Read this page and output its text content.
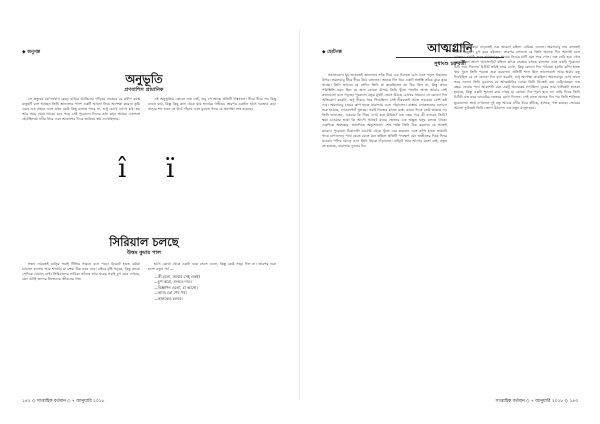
◆ অনুগল্প
অনুভূতি
প্রণবাশিস প্রামানিক

সে প্রত্যুষে যোগাযোগ ছেড়ে বাড়ির আঙিনায় দাঁড়িয়ে ভেতরে যে প্রবীণ বয়স্ক মানুষটি বসে আছেন তিনি জানালার পাশে একটি আলো নিয়ে অপেক্ষা করেন। তুমি এমন এক প্রহরে এলে যখন কেউ কিছু বলতে পারে না, শুধু চোখে চোখে কথা হয় আর সময় থেমে থাকে। মনে পড়ে সেই পুরোনো দিনের কথা যখন আমরা একসঙ্গে হেঁটেছিলাম নদীর ধারে এবং আকাশের দিকে তাকিয়ে স্বপ্ন দেখেছিলাম।

এই অনুভূতির কোনো নাম নেই, তবু সে আছে প্রতিটি নিঃশ্বাসে। ধীরে ধীরে সব কিছু বদলে যায়, কিন্তু কিছু কথা থেকে যায় হৃদয়ের গভীরে। তারপর একদিন হঠাৎ দরজায় কড়া নাড়ার শব্দ শুনে সে উঠে দাঁড়ায় এবং বুঝতে পারে যে অপেক্ষা শেষ হয়েছে।

î ï
সিরিয়াল চলছে
উত্তম কুমার পাল

সন্ধ্যা নামতেই বাড়ির সবাই টিভির সামনে বসে পড়ে। রিমোট হাতে বউমা চ্যানেল বদলায় আর শাশুড়ি মা চশমা ঠিক করে নেন। বাইরে বৃষ্টি পড়ছে, কিন্তু কারো সেদিকে খেয়াল নেই। সিরিয়ালের নায়িকা কাঁদছে আর ঘরের সবাই চুপ করে দেখছে, যেন এটাই তাদের নিজেদের জীবনের গল্প।

হঠাৎ কোথা থেকে একটা ডাক ভেসে এলো, কিন্তু কেউ সাড়া দিল না। তারপর শুরু হলো নতুন পর্ব —

—কী হলো, আবার সেই একই?
—চুপ করো, শুনতে দাও।
—বিজ্ঞাপন এলো, চা আনো।
—আজ তো শেষ পর্ব।
—কালকেও চলবে।
১৪২ ◇ সাপ্তাহিক বর্তমান ◇ ৭ জানুয়ারি ২০১৮
◆ ছোটগল্প	আত্মগ্লানি
সুধাংশু চক্রবর্তী

সকালবেলা ঘুম ভাঙতেই জানালার ফাঁক দিয়ে এক চিলতে রোদ এসে পড়ল বিছানার উপর। অমলবাবু ধীরে ধীরে উঠে বসলেন। অনেক দিন ধরে একটা অস্বস্তি তাঁকে কুরে কুরে খাচ্ছে। তিনি জানেন যে সেদিন তিনি যা করেছিলেন তা ঠিক ছিল না, কিন্তু তখন পরিস্থিতি এমন ছিল যে অন্য কোনো উপায় তিনি খুঁজে পাননি। আজ আবার সেই কথাগুলো মনে পড়ছে। পুরোনো বন্ধুর মুখটা ভেসে উঠছে চোখের সামনে। সে কোনো দিন অভিযোগ করেনি, শুধু নীরবে সরে গিয়েছিল। সেই নীরবতাই আজ সবচেয়ে বেশি কষ্ট দেয়। অমলবাবু চায়ের কাপ হাতে বারান্দায় এসে দাঁড়ালেন। রাস্তায় লোকজনের চলাচল শুরু হয়েছে, দোকানপাট খুলছে। সবাই নিজের কাজে ব্যস্ত, কারো দিকে কেউ তাকায় না। তিনি ভাবলেন, একবার কি গিয়ে দেখা করা উচিত? এত বছর পরে কী বলবেন তিনি? ক্ষমা চাওয়ার ভাষা কি আদৌ আছে? মনের ভেতরে এক অদ্ভুত দ্বন্দ্ব চলতে থাকে। একদিকে অহংকার, অন্যদিকে অনুশোচনা। শেষ পর্যন্ত তিনি ঠিক করলেন যে আজই যাবেন। পুরোনো ঠিকানাটা ডায়েরি থেকে খুঁজে বের করলেন এবং কাঁপা হাতে জামাটা গায়ে চাপালেন। পথে যেতে যেতে মনে হচ্ছিল প্রতিটি পদক্ষেপ যেন অতীতের দিকে ফিরে যাওয়া। গলির মোড়ে এসে তিনি থমকে দাঁড়ালেন। বাড়িটা আর আগের মতো নেই, নতুন রং হয়েছে, বারান্দায় ফুলের টব।

দরজায় কড়া নাড়তেই এক অচেনা মহিলা বেরিয়ে এলেন। অমলবাবু নাম বলতেই তিনি কিছুক্ষণ চুপ করে রইলেন, তারপর বললেন যে তিনি অনেক দিন আগেই চলে গেছেন। কথাটা শুনে অমলবাবুর পায়ের নিচের মাটি যেন সরে গেল। এত দেরি হয়ে গেল কেন? কেন আগে আসেননি? মহিলা তাঁকে ভেতরে বসতে বললেন এবং একটা পুরোনো চিঠি এনে দিলেন। চিঠিটা তাঁরই নামে লেখা, কিন্তু কোনো দিন পাঠানো হয়নি। কাঁপা হাতে খাম খুলে তিনি পড়তে শুরু করলেন। প্রতিটি শব্দে ছিল ভালোবাসা আর ক্ষমা। বন্ধু লিখেছিল যে সে কোনো দিন রাগ করেনি, শুধু অপেক্ষা করেছিল। অমলবাবুর চোখ জলে ভরে এলো। তিনি বুঝলেন যে আত্মগ্লানির বোঝা তিনি নিজেই বয়ে বেড়িয়েছেন এত বছর। ফেরার পথে আকাশটা যেন একটু অন্যরকম লাগছিল। বুকের ভার খানিকটা হালকা হয়েছে, কিন্তু একটা শূন্যতা রয়ে গেছে যা কোনো দিন পূরণ হবে না। বাড়ি ফিরে তিনি চিঠিটা যত্ন করে ডায়েরির ভেতরে রেখে দিলেন। সেই রাতে অনেক দিন পর তিনি শান্তিতে ঘুমোলেন। স্বপ্নে দেখলেন দুই বন্ধু আবার নদীর ধারে হাঁটছে, হাসছে, গল্প করছে। ভোরের আলো ফুটতেই তিনি জেগে উঠলেন এক নতুন মানুষ হয়ে।

সাপ্তাহিক বর্তমান ◇ ৭ জানুয়ারি ২০১৮ ◇ ১৪৩
